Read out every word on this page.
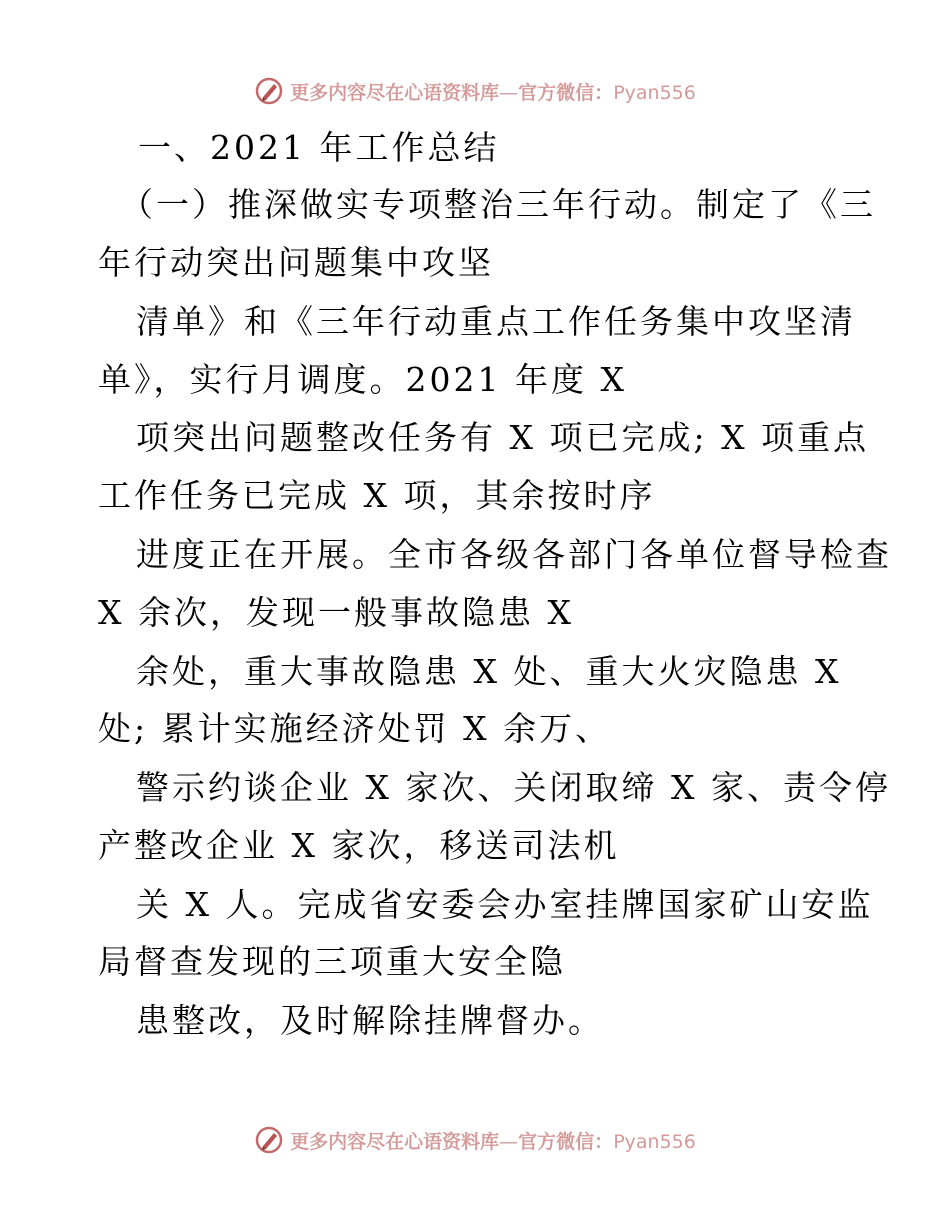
更多内容尽在心语资料库—官方微信：Pyan556
一、2021 年工作总结
（一）推深做实专项整治三年行动。制定了《三
年行动突出问题集中攻坚
清单》和《三年行动重点工作任务集中攻坚清
单》，实行月调度。2021 年度 X
项突出问题整改任务有 X 项已完成; X 项重点
工作任务已完成 X 项，其余按时序
进度正在开展。全市各级各部门各单位督导检查
X 余次，发现一般事故隐患 X
余处，重大事故隐患 X 处、重大火灾隐患 X
处; 累计实施经济处罚 X 余万、
警示约谈企业 X 家次、关闭取缔 X 家、责令停
产整改企业 X 家次，移送司法机
关 X 人。完成省安委会办室挂牌国家矿山安监
局督查发现的三项重大安全隐
患整改，及时解除挂牌督办。
更多内容尽在心语资料库—官方微信：Pyan556
